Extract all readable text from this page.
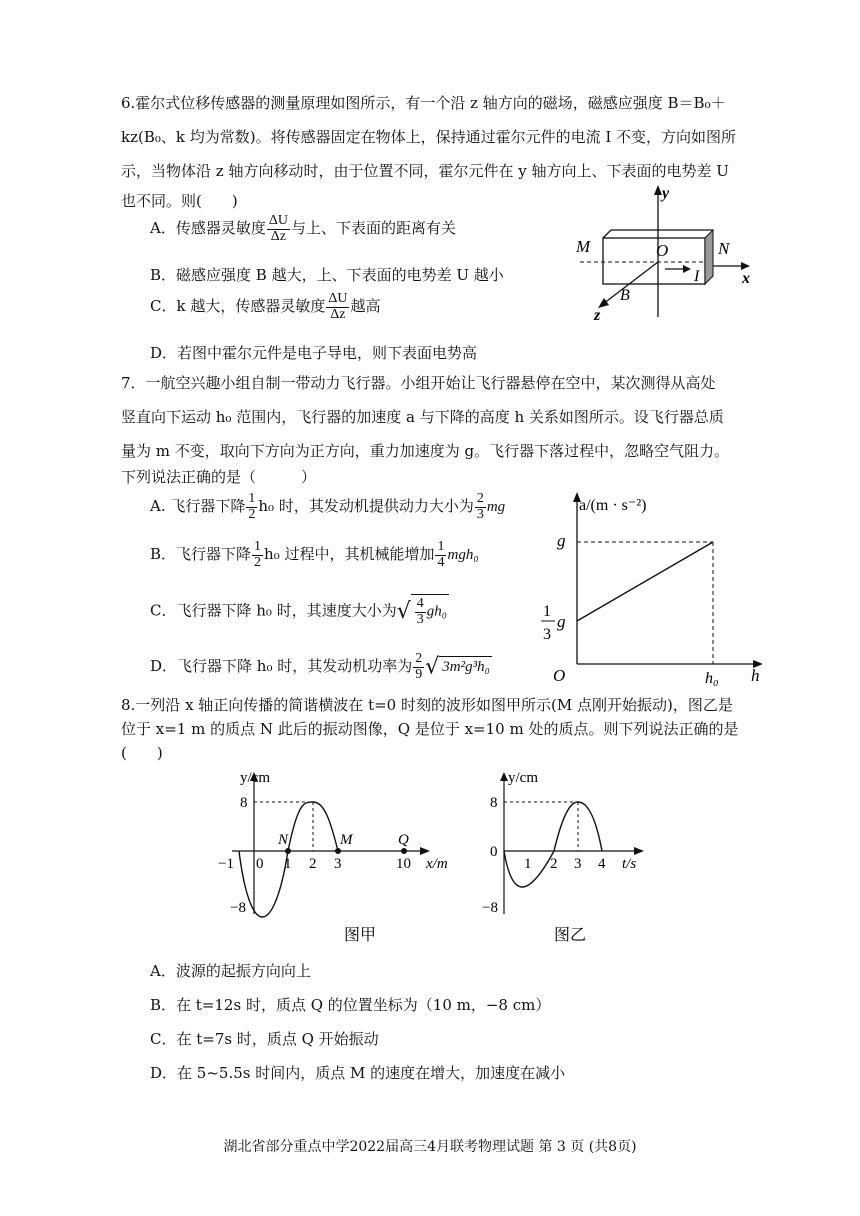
6.霍尔式位移传感器的测量原理如图所示，有一个沿 z 轴方向的磁场，磁感应强度 B＝B₀＋
kz(B₀、k 均为常数)。将传感器固定在物体上，保持通过霍尔元件的电流 I 不变，方向如图所
示，当物体沿 z 轴方向移动时，由于位置不同，霍尔元件在 y 轴方向上、下表面的电势差 U
也不同。则(　　)
A．传感器灵敏度 $\frac{\Delta U}{\Delta z}$ 与上、下表面的距离有关
B．磁感应强度 B 越大，上、下表面的电势差 U 越小
C．k 越大，传感器灵敏度 $\frac{\Delta U}{\Delta z}$ 越高
D．若图中霍尔元件是电子导电，则下表面电势高
y
x
M	O	N
I
z
B
7．一航空兴趣小组自制一带动力飞行器。小组开始让飞行器悬停在空中，某次测得从高处
竖直向下运动 h₀ 范围内，飞行器的加速度 a 与下降的高度 h 关系如图所示。设飞行器总质
量为 m 不变，取向下方向为正方向，重力加速度为 g。飞行器下落过程中，忽略空气阻力。
下列说法正确的是（　　　）
A. 飞行器下降 $\frac{1}{2} h_0$ 时，其发动机提供动力大小为 $\frac{2}{3}$ mg
B．飞行器下降 $\frac{1}{2} h_0$ 过程中，其机械能增加 $\frac{1}{4} mgh_0$
C．飞行器下降 h₀ 时，其速度大小为√ $\frac{4}{3} gh_0$
D．飞行器下降 h₀ 时，其发动机功率为 $\frac{2}{9}$ √ 3m²g³h₀
a/(m · s⁻²)
g
1
3
g
O	h₀ h
8.一列沿 x 轴正向传播的简谐横波在 t=0 时刻的波形如图甲所示(M 点刚开始振动)，图乙是
位于 x=1 m 的质点 N 此后的振动图像，Q 是位于 x=10 m 处的质点。则下列说法正确的是
(　　)
y/cm
8
−8
N	M	Q
−1 0 1 2 3	10 x/m
图甲
y/cm
8
0
−8
1 2 3 4 t/s
图乙
A．波源的起振方向向上
B．在 t=12s 时，质点 Q 的位置坐标为（10 m，−8 cm）
C．在 t=7s 时，质点 Q 开始振动
D．在 5~5.5s 时间内，质点 M 的速度在增大，加速度在减小
湖北省部分重点中学2022届高三4月联考物理试题 第 3 页 (共8页)
